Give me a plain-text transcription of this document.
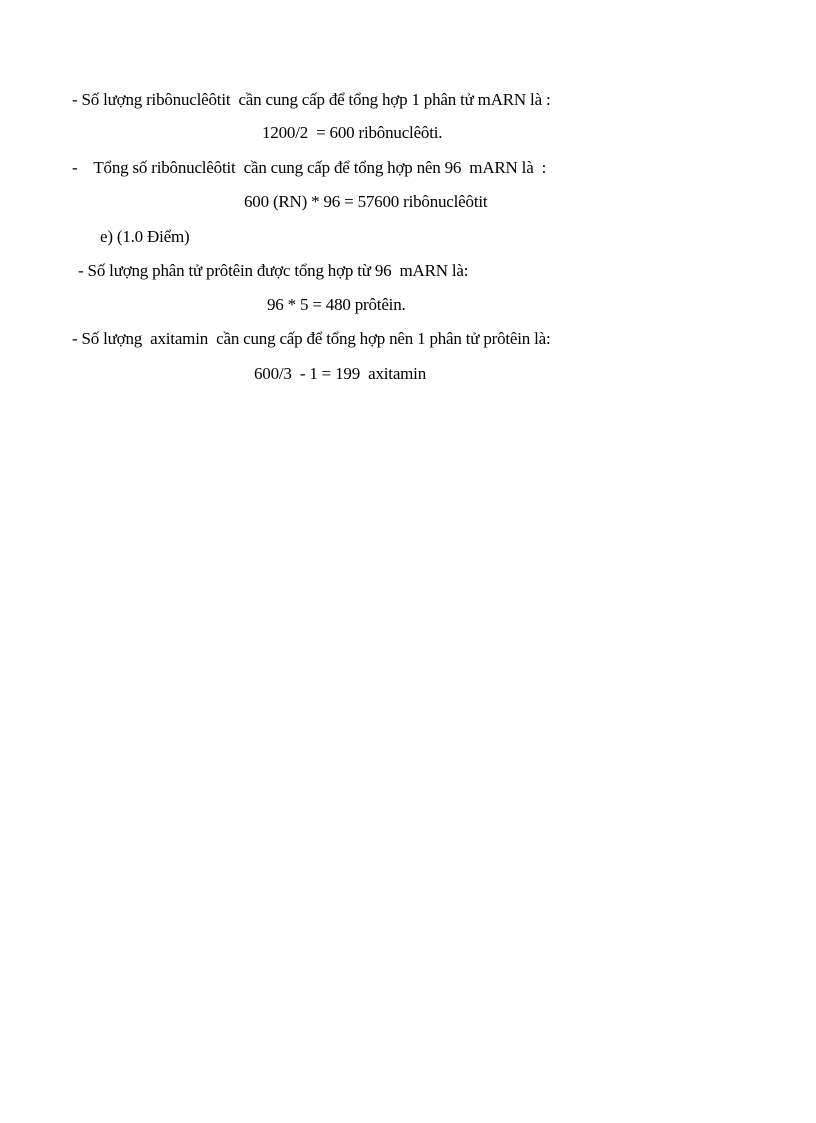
- Số lượng ribônuclêôtit  cần cung cấp để tổng hợp 1 phân tử mARN là :
1200/2  = 600 ribônuclêôti.
-    Tổng số ribônuclêôtit  cần cung cấp để tổng hợp nên 96  mARN là  :
600 (RN) * 96 = 57600 ribônuclêôtit
e) (1.0 Điểm)
- Số lượng phân tử prôtêin được tổng hợp từ 96  mARN là:
96 * 5 = 480 prôtêin.
- Số lượng  axitamin  cần cung cấp để tổng hợp nên 1 phân tử prôtêin là:
600/3  - 1 = 199  axitamin
